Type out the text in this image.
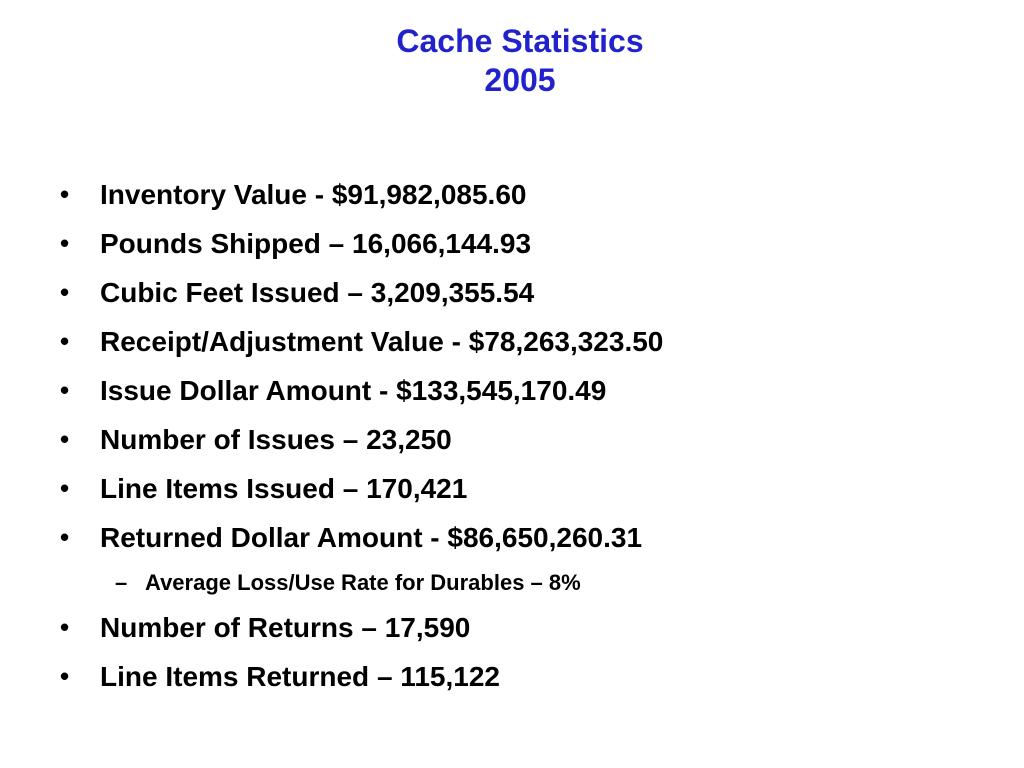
Cache Statistics
2005
•	Inventory Value - $91,982,085.60
•	Pounds Shipped – 16,066,144.93
•	Cubic Feet Issued – 3,209,355.54
•	Receipt/Adjustment Value - $78,263,323.50
•	Issue Dollar Amount - $133,545,170.49
•	Number of Issues – 23,250
•	Line Items Issued – 170,421
•	Returned Dollar Amount - $86,650,260.31
– Average Loss/Use Rate for Durables – 8%
•	Number of Returns – 17,590
•	Line Items Returned – 115,122
